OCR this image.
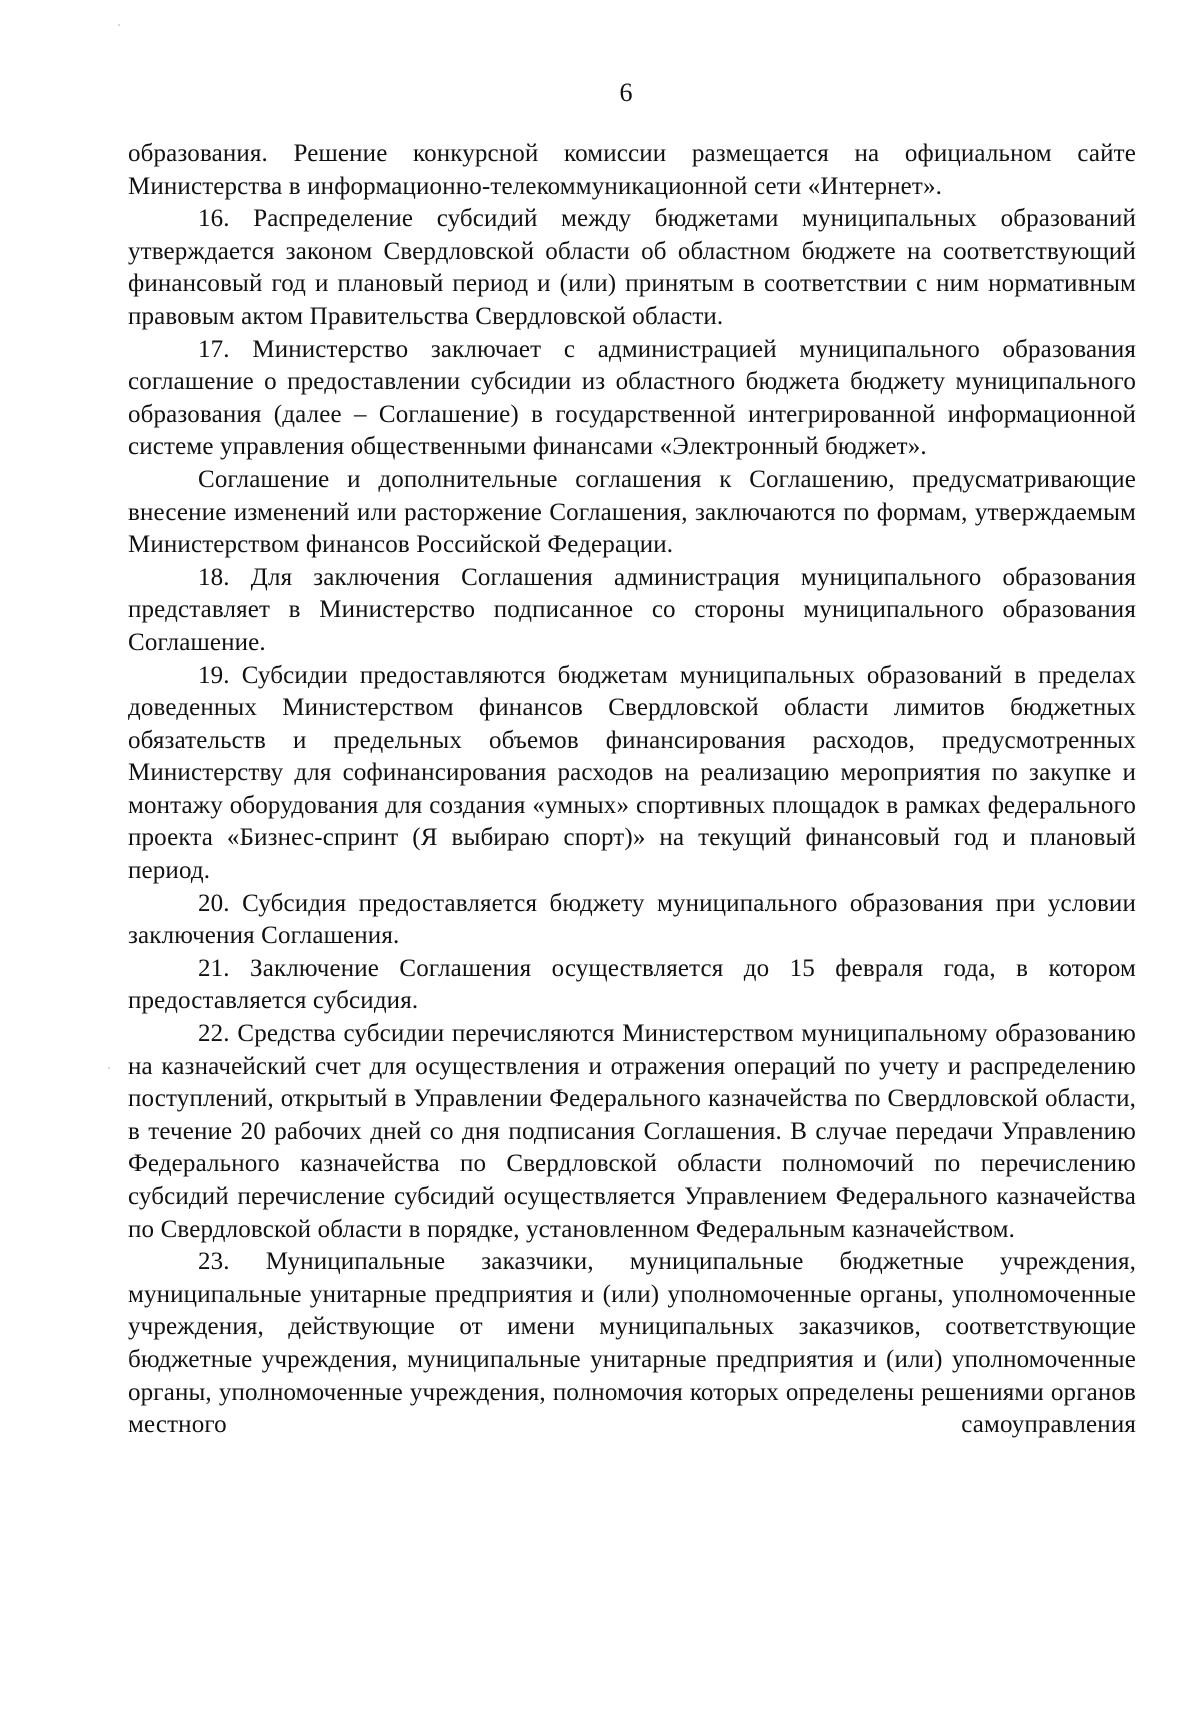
6

образования. Решение конкурсной комиссии размещается на официальном сайте Министерства в информационно-телекоммуникационной сети «Интернет».

16. Распределение субсидий между бюджетами муниципальных образований утверждается законом Свердловской области об областном бюджете на соответствующий финансовый год и плановый период и (или) принятым в соответствии с ним нормативным правовым актом Правительства Свердловской области.

17. Министерство заключает с администрацией муниципального образования соглашение о предоставлении субсидии из областного бюджета бюджету муниципального образования (далее – Соглашение) в государственной интегрированной информационной системе управления общественными финансами «Электронный бюджет».

Соглашение и дополнительные соглашения к Соглашению, предусматривающие внесение изменений или расторжение Соглашения, заключаются по формам, утверждаемым Министерством финансов Российской Федерации.

18. Для заключения Соглашения администрация муниципального образования представляет в Министерство подписанное со стороны муниципального образования Соглашение.

19. Субсидии предоставляются бюджетам муниципальных образований в пределах доведенных Министерством финансов Свердловской области лимитов бюджетных обязательств и предельных объемов финансирования расходов, предусмотренных Министерству для софинансирования расходов на реализацию мероприятия по закупке и монтажу оборудования для создания «умных» спортивных площадок в рамках федерального проекта «Бизнес-спринт (Я выбираю спорт)» на текущий финансовый год и плановый период.

20. Субсидия предоставляется бюджету муниципального образования при условии заключения Соглашения.

21. Заключение Соглашения осуществляется до 15 февраля года, в котором предоставляется субсидия.

22. Средства субсидии перечисляются Министерством муниципальному образованию на казначейский счет для осуществления и отражения операций по учету и распределению поступлений, открытый в Управлении Федерального казначейства по Свердловской области, в течение 20 рабочих дней со дня подписания Соглашения. В случае передачи Управлению Федерального казначейства по Свердловской области полномочий по перечислению субсидий перечисление субсидий осуществляется Управлением Федерального казначейства по Свердловской области в порядке, установленном Федеральным казначейством.

23. Муниципальные заказчики, муниципальные бюджетные учреждения, муниципальные унитарные предприятия и (или) уполномоченные органы, уполномоченные учреждения, действующие от имени муниципальных заказчиков, соответствующие бюджетные учреждения, муниципальные унитарные предприятия и (или) уполномоченные органы, уполномоченные учреждения, полномочия которых определены решениями органов местного самоуправления
